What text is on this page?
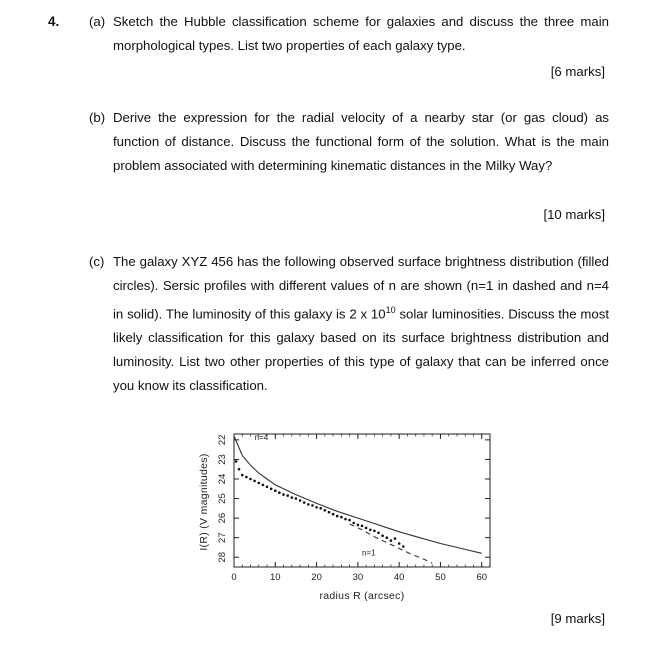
4. (a) Sketch the Hubble classification scheme for galaxies and discuss the three main morphological types. List two properties of each galaxy type.
[6 marks]
(b) Derive the expression for the radial velocity of a nearby star (or gas cloud) as function of distance. Discuss the functional form of the solution. What is the main problem associated with determining kinematic distances in the Milky Way?
[10 marks]
(c) The galaxy XYZ 456 has the following observed surface brightness distribution (filled circles). Sersic profiles with different values of n are shown (n=1 in dashed and n=4 in solid). The luminosity of this galaxy is 2 x $10^{10}$ solar luminosities. Discuss the most likely classification for this galaxy based on its surface brightness distribution and luminosity. List two other properties of this type of galaxy that can be inferred once you know its classification.
0	10	20	30	40	50	60
22
23
24
25
26
27
28
n=4
n=1
radius R (arcsec)
I(R) (V magnitudes)
[9 marks]
